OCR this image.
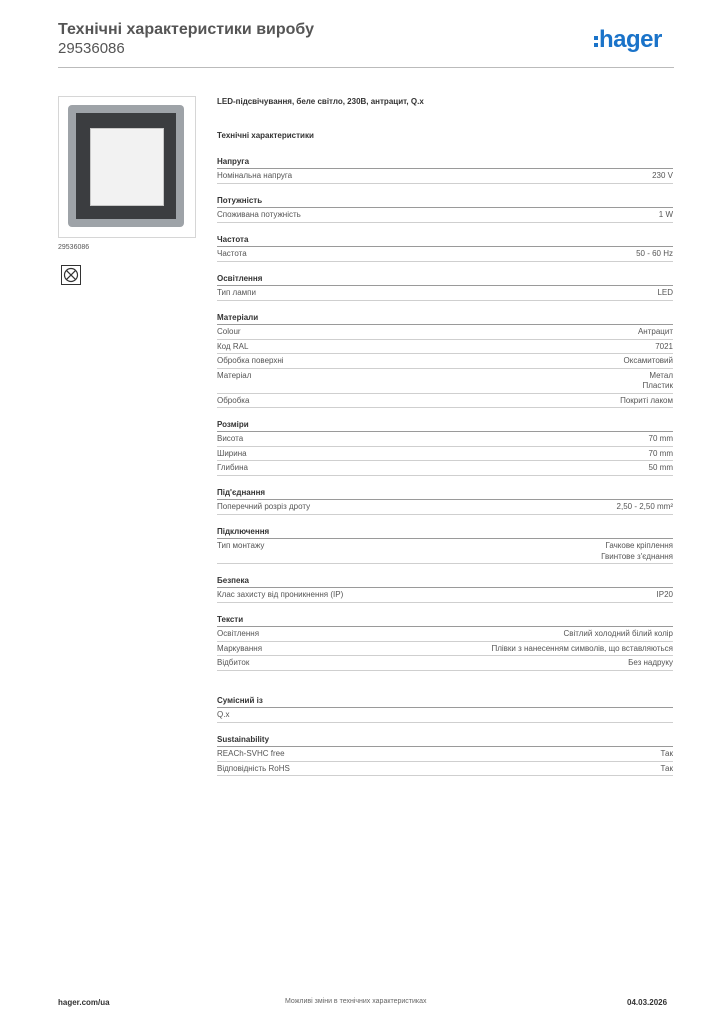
Технічні характеристики виробу
29536086	hager
29536086
LED-підсвічування, беле світло, 230В, антрацит, Q.x
Технічні характеристики
Напруга
Номінальна напруга	230 V
Потужність
Споживана потужність	1 W
Частота
Частота	50 - 60 Hz
Освітлення
Тип лампи	LED
Матеріали
Colour	Антрацит
Код RAL	7021
Обробка поверхні	Оксамитовий
Матеріал	Метал
Пластик
Обробка	Покриті лаком
Розміри
Висота	70 mm
Ширина	70 mm
Глибина	50 mm
Під'єднання
Поперечний розріз дроту	2,50 - 2,50 mm²
Підключення
Тип монтажу	Гачкове кріплення
Гвинтове з'єднання
Безпека
Клас захисту від проникнення (IP)	IP20
Тексти
Освітлення	Світлий холодний білий колір
Маркування	Плівки з нанесенням символів, що вставляються
Відбиток	Без надруку
Сумісний із
Q.x
Sustainability
REACh-SVHC free	Так
Відповідність RoHS	Так
hager.com/ua	Можливі зміни в технічних характеристиках	04.03.2026
